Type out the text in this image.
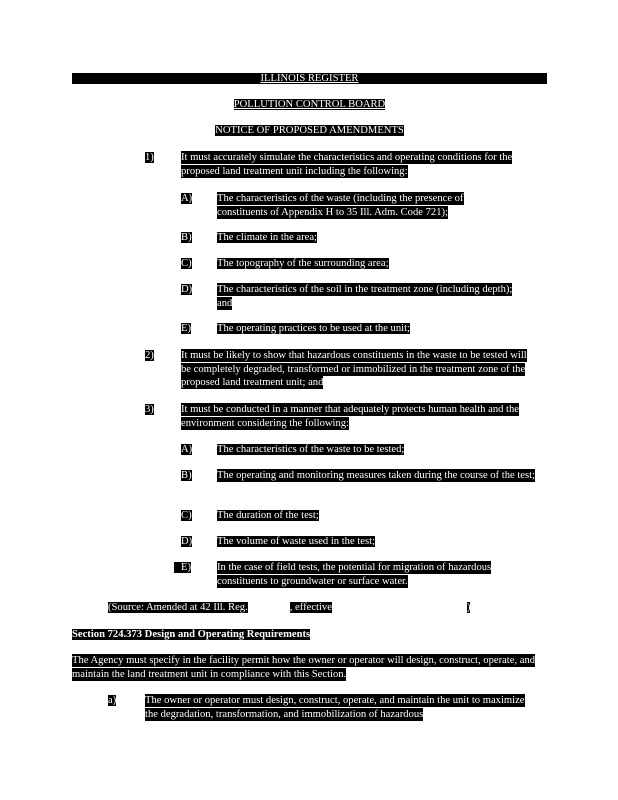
ILLINOIS REGISTER
POLLUTION CONTROL BOARD
NOTICE OF PROPOSED AMENDMENTS
1)	It must accurately simulate the characteristics and operating conditions for the proposed land treatment unit including the following:
A) The characteristics of the waste (including the presence of constituents of Appendix H to 35 Ill. Adm. Code 721);
B) The climate in the area;
C) The topography of the surrounding area;
D) The characteristics of the soil in the treatment zone (including depth); and
E) The operating practices to be used at the unit;
2)	It must be likely to show that hazardous constituents in the waste to be tested will be completely degraded, transformed or immobilized in the treatment zone of the proposed land treatment unit; and
3)	It must be conducted in a manner that adequately protects human health and the environment considering the following:
A) The characteristics of the waste to be tested;
B) The operating and monitoring measures taken during the course of the test;
C) The duration of the test;
D) The volume of waste used in the test;
E) In the case of field tests, the potential for migration of hazardous constituents to groundwater or surface water.
(Source: Amended at 42 Ill. Reg.	, effective	)
Section 724.373 Design and Operating Requirements
The Agency must specify in the facility permit how the owner or operator will design, construct, operate, and maintain the land treatment unit in compliance with this Section.
a)	The owner or operator must design, construct, operate, and maintain the unit to maximize the degradation, transformation, and immobilization of hazardous
